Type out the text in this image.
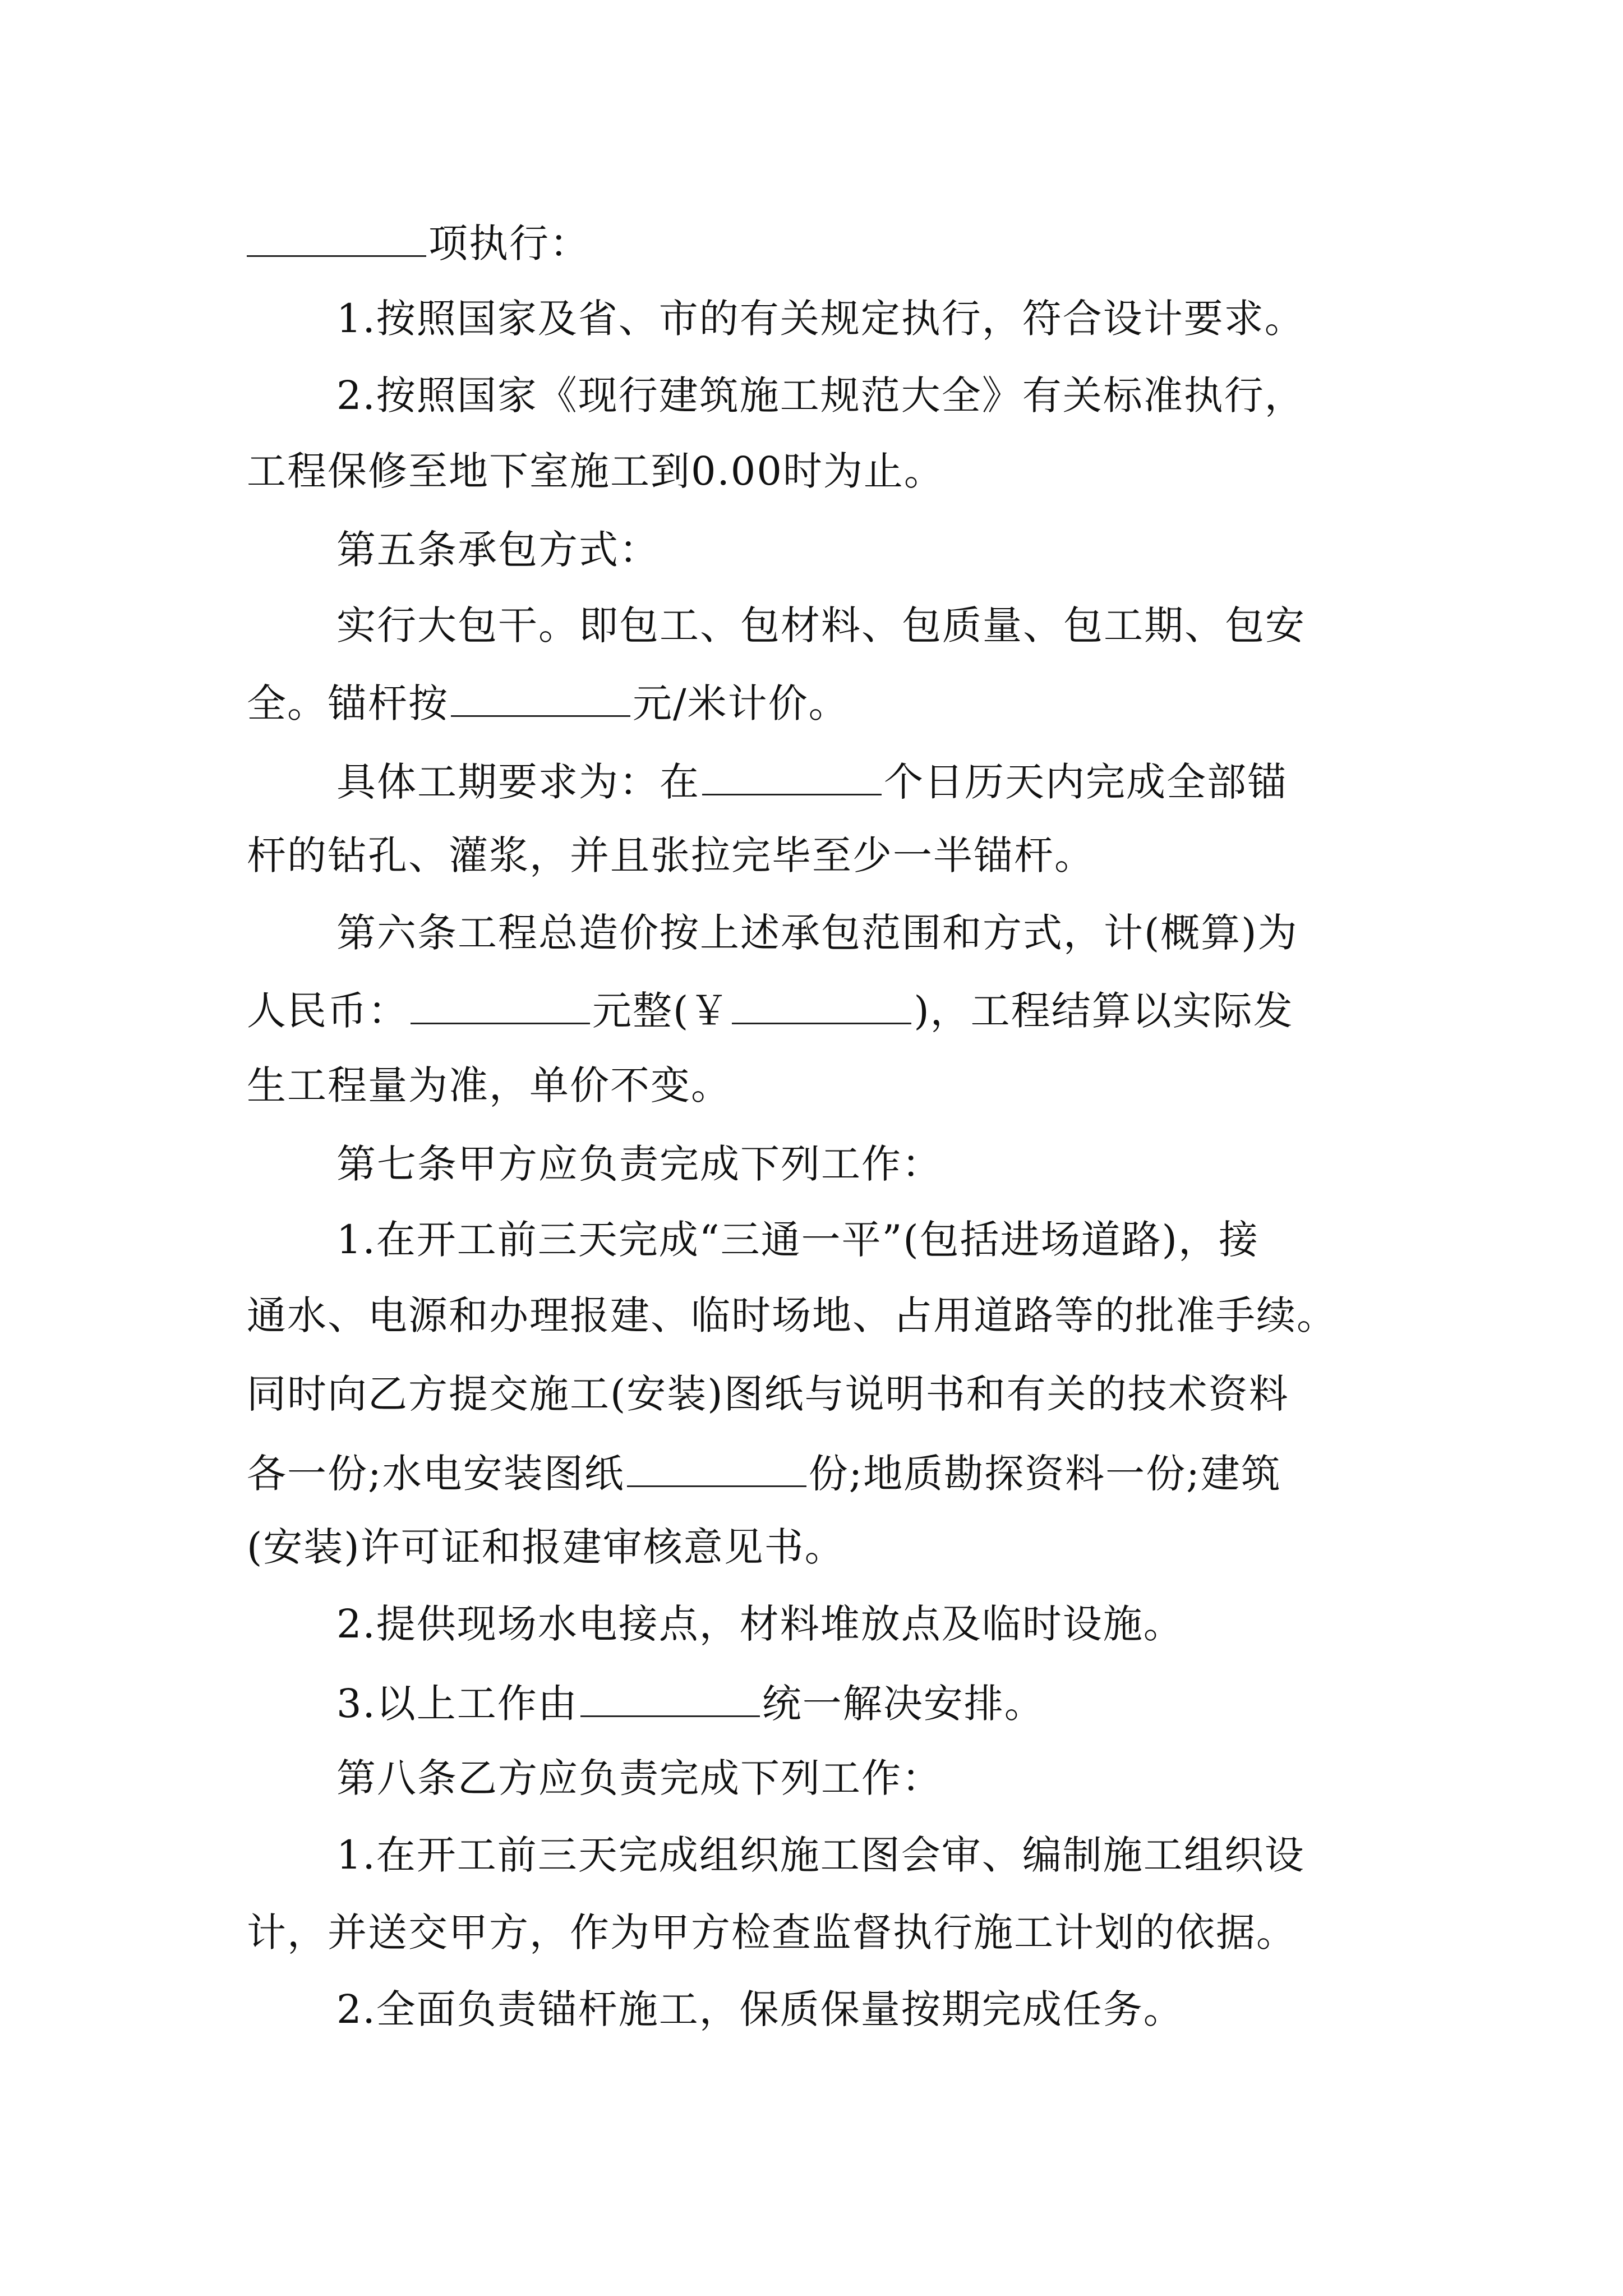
项执行：
1.按照国家及省、市的有关规定执行，符合设计要求。
2.按照国家《现行建筑施工规范大全》有关标准执行，
工程保修至地下室施工到0.00时为止。
第五条承包方式：
实行大包干。即包工、包材料、包质量、包工期、包安
全。锚杆按	元/米计价。
具体工期要求为：在	个日历天内完成全部锚
杆的钻孔、灌浆，并且张拉完毕至少一半锚杆。
第六条工程总造价按上述承包范围和方式，计(概算)为
人民币：	元整(￥	)，工程结算以实际发
生工程量为准，单价不变。
第七条甲方应负责完成下列工作：
1.在开工前三天完成“三通一平”(包括进场道路)，接
通水、电源和办理报建、临时场地、占用道路等的批准手续。
同时向乙方提交施工(安装)图纸与说明书和有关的技术资料
各一份;水电安装图纸	份;地质勘探资料一份;建筑
(安装)许可证和报建审核意见书。
2.提供现场水电接点，材料堆放点及临时设施。
3.以上工作由	统一解决安排。
第八条乙方应负责完成下列工作：
1.在开工前三天完成组织施工图会审、编制施工组织设
计，并送交甲方，作为甲方检查监督执行施工计划的依据。
2.全面负责锚杆施工，保质保量按期完成任务。
